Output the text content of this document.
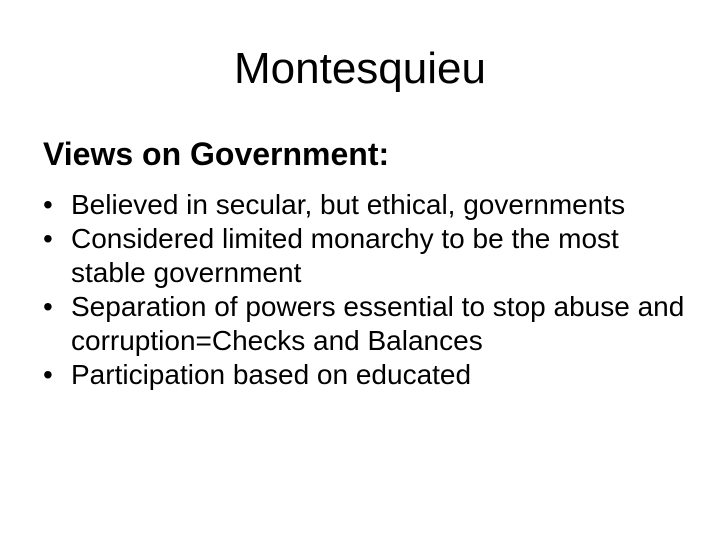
Montesquieu
Views on Government:
• Believed in secular, but ethical, governments
• Considered limited monarchy to be the most stable government
• Separation of powers essential to stop abuse and corruption=Checks and Balances
• Participation based on educated
